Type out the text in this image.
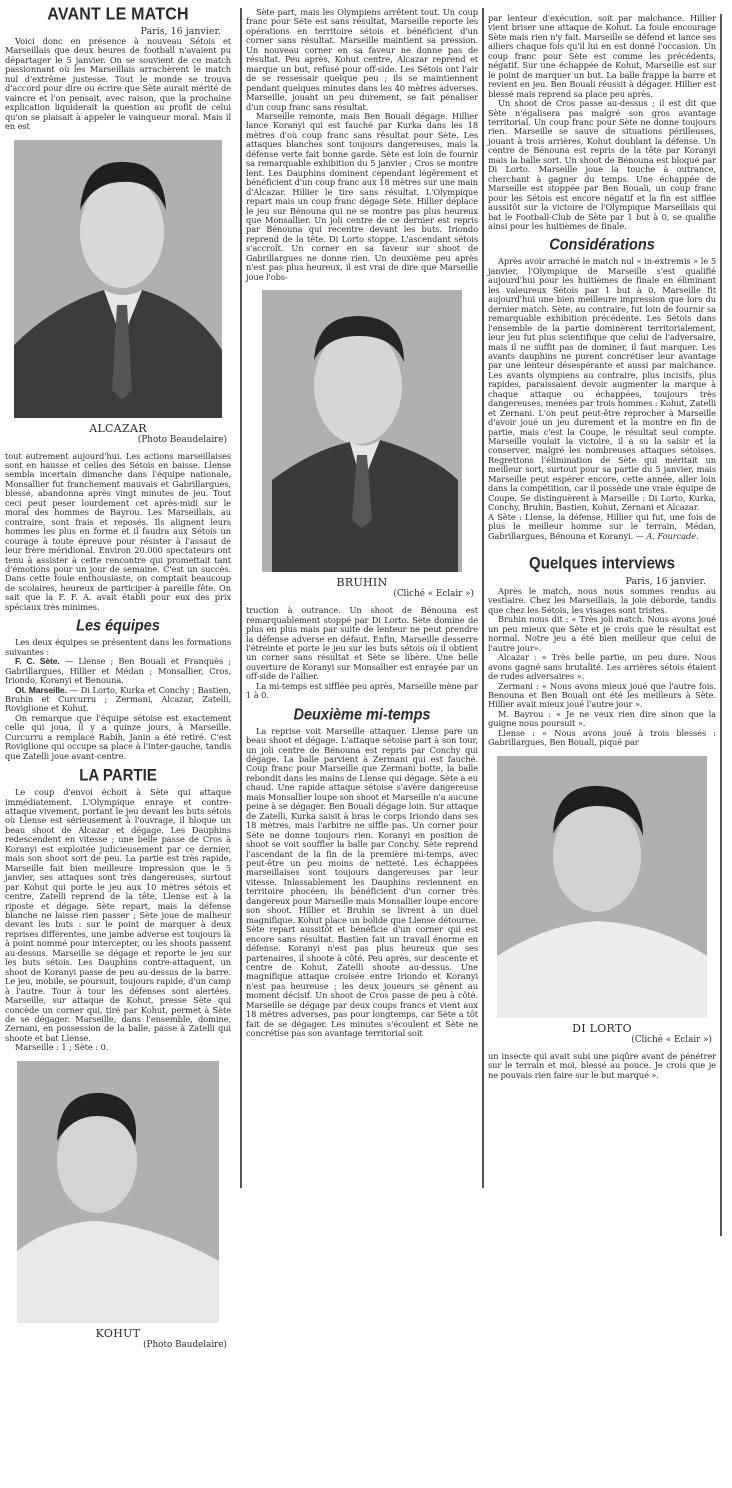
AVANT LE MATCH
Paris, 16 janvier.

Voici donc en présence à nouveau Sétois et Marseillais que deux heures de football n'avaient pu départager le 5 janvier. On se souvient de ce match passionnant où les Marseillais arrachèrent le match nul d'extrême justesse. Tout le monde se trouva d'accord pour dire ou écrire que Sète aurait mérité de vaincre et l'on pensait, avec raison, que la prochaine explication liquiderait la question au profit de celui qu'on se plaisait à appeler le vainqueur moral. Mais il en est

ALCAZAR
(Photo Beaudelaire)

tout autrement aujourd'hui. Les actions marseillaises sont en hausse et celles des Sétois en baisse. Llense sembla incertain dimanche dans l'équipe nationale, Monsallier fut franchement mauvais et Gabrillargues, blessé, abandonna après vingt minutes de jeu. Tout ceci peut peser lourdement cet après-midi sur le moral des hommes de Bayrou. Les Marseillais, au contraire, sont frais et reposés. Ils alignent leurs hommes les plus en forme et il faudra aux Sétois un courage à toute épreuve pour résister à l'assaut de leur frère méridional. Environ 20.000 spectateurs ont tenu à assister à cette rencontre qui promettait tant d'émotions pour un jour de semaine. C'est un succès. Dans cette foule enthousiaste, on comptait beaucoup de scolaires, heureux de participer à pareille fête. On sait que la F. F. A. avait établi pour eux des prix spéciaux très minimes.

Les équipes

Les deux équipes se présentent dans les formations suivantes :

F. C. Sète. — Llense ; Ben Bouali et Franquès ; Gabrillargues, Hillier et Médan ; Monsallier, Cros, Iriondo, Koranyi et Benouna.

Ol. Marseille. — Di Lorto, Kurka et Conchy ; Bastien, Bruhin et Curcurru ; Zermani, Alcazar, Zatelli, Roviglione et Kohut.

On remarque que l'équipe sétoise est exactement celle qui joua, il y a quinze jours, à Marseille. Curcurru a remplacé Rabih, Janin a été retiré. C'est Roviglione qui occupe sa place à l'inter-gauche, tandis que Zatelli joue avant-centre.

LA PARTIE

Le coup d'envoi échoit à Sète qui attaque immédiatement. L'Olympique enraye et contre-attaque vivement, portant le jeu devant les buts sétois où Llense est sérieusement à l'ouvrage, il bloque un beau shoot de Alcazar et dégage. Les Dauphins redescendent en vitesse ; une belle passe de Cros à Koranyi est exploitée judicieusement par ce dernier, mais son shoot sort de peu. La partie est très rapide, Marseille fait bien meilleure impression que le 5 janvier, ses attaques sont très dangereuses, surtout par Kohut qui porte le jeu aux 10 mètres sétois et centre, Zatelli reprend de la tête, Llense est à la riposte et dégage. Sète repart, mais la défense blanche ne laisse rien passer ; Sète joue de malheur devant les buts : sur le point de marquer à deux reprises différentes, une jambe adverse est toujours là à point nommé pour intercepter, ou les shoots passent au-dessus. Marseille se dégage et reporte le jeu sur les buts sétois. Les Dauphins contre-attaquent, un shoot de Koranyi passe de peu au-dessus de la barre. Le jeu, mobile, se poursuit, toujours rapide, d'un camp à l'autre. Tour à tour les défenses sont alertées. Marseille, sur attaque de Kohut, presse Sète qui concède un corner qui, tiré par Kohut, permet à Sète de se dégager. Marseille, dans l'ensemble, domine, Zernani, en possession de la balle, passe à Zatelli qui shoote et bat Llense.

Marseille : 1 ; Sète : 0.

KOHUT
(Photo Baudelaire)

Sète part, mais les Olympiens arrêtent tout. Un coup franc pour Sète est sans résultat, Marseille reporte les opérations en territoire sétois et bénéficient d'un corner sans résultat. Marseille maintient sa pression. Un nouveau corner en sa faveur ne donne pas de résultat. Peu après, Kohut centre, Alcazar reprend et marque un but, refusé pour off-side. Les Sétois ont l'air de se ressessair quelque peu ; ils se maintiennent pendant quelques minutes dans les 40 mètres adverses. Marseille, jouant un peu durement, se fait pénaliser d'un coup franc sans résultat.

Marseille remonte, mais Ben Bouali dégage. Hillier lance Koranyi qui est fauché par Kurka dans les 18 mètres d'où coup franc sans résultat pour Sète. Les attaques blanches sont toujours dangereuses, mais la défense verte fait bonne garde. Sète est loin de fournir sa remarquable exhibition du 5 janvier ; Cros se montre lent. Les Dauphins dominent cependant légèrement et bénéficient d'un coup franc aux 18 mètres sur une main d'Alcazar. Hillier le tire sans résultat. L'Olympique repart mais un coup franc dégage Sète. Hillier déplace le jeu sur Bénouna qui ne se montre pas plus heureux que Monsallier. Un joli centre de ce dernier est repris par Bénouna qui recentre devant les buts. Iriondo reprend de la tête. Di Lorto stoppe. L'ascendant sétois s'accroît. Un corner en sa faveur sur shoot de Gabrillargues ne donne rien. Un deuxième peu après n'est pas plus heureux, il est vrai de dire que Marseille joue l'obs-

BRUHIN
(Cliché « Eclair »)

truction à outrance. Un shoot de Bénouna est remarquablement stoppé par Di Lorto. Sète domine de plus en plus mais par suite de lenteur ne peut prendre la défense adverse en défaut. Enfin, Marseille desserre l'étreinte et porte le jeu sur les buts sétois où il obtient un corner sans résultat et Sète se libère. Une belle ouverture de Koranyi sur Monsallier est enrayée par un off-side de l'allier.

La mi-temps est sifflée peu après, Marseille mène par 1 à 0.

Deuxième mi-temps

La reprise voit Marseille attaquer. Llense pare un beau shoot et dégage. L'attaque sétoise part à son tour, un joli centre de Bénouna est repris par Conchy qui dégage. La balle parvient à Zermani qui est fauché. Coup franc pour Marseille que Zermani botte, la balle rebondit dans les mains de Llense qui dégage. Sète a eu chaud. Une rapide attaque sétoise s'avère dangereuse mais Monsallier loupe son shoot et Marseille n'a aucune peine à se dégager. Ben Bouali dégage loin. Sur attaque de Zatelli, Kurka saisit à bras le corps Iriondo dans ses 18 mètres, mais l'arbitre ne siffle pas. Un corner pour Sète ne donne toujours rien. Koranyi en position de shoot se voit souffler la balle par Conchy. Sète reprend l'ascendant de la fin de la première mi-temps, avec peut-être un peu moins de netteté. Les échappées marseillaises sont toujours dangereuses par leur vitesse. Inlassablement les Dauphins reviennent en territoire phocéen, ils bénéficient d'un corner très dangereux pour Marseille mais Monsallier loupe encore son shoot. Hillier et Bruhin se livrent à un duel magnifique. Kohut place un bolide que Llense détourne. Sète repart aussitôt et bénéficie d'un corner qui est encore sans résultat. Bastien fait un travail énorme en défense. Koranyi n'est pas plus heureux que ses partenaires, il shoote à côté. Peu après, sur descente et centre de Kohut, Zatelli shoote au-dessus. Une magnifique attaque croisée entre Iriondo et Koranyi n'est pas heureuse ; les deux joueurs se gênent au moment décisif. Un shoot de Cros passe de peu à côté. Marseille se dégage par deux coups francs et vient aux 18 mètres adverses, pas pour longtemps, car Sète a tôt fait de se dégager. Les minutes s'écoulent et Sète ne concrétise pas son avantage territorial soit

par lenteur d'exécution, soit par malchance. Hillier vient briser une attaque de Kohut. La foule encourage Sète mais rien n'y fait. Marseille se défend et lance ses ailiers chaque fois qu'il lui en est donné l'occasion. Un coup franc pour Sète est comme les précédents, négatif. Sur une échappée de Kohut, Marseille est sur le point de marquer un but. La balle frappe la barre et revient en jeu. Ben Bouali réussit à dégager. Hillier est blessé mais reprend sa place peu après.

Un shoot de Cros passe au-dessus ; il est dit que Sète n'égalisera pas malgré son gros avantage territorial. Un coup franc pour Sète ne donne toujours rien. Marseille se sauve de situations périlleuses, jouant à trois arrières, Kohut doublant la défense. Un centre de Bénouna est repris de la tête par Koranyi mais la balle sort. Un shoot de Bénouna est bloqué par Di Lorto. Marseille joue la touche à outrance, cherchant à gagner du temps. Une échappée de Marseille est stoppée par Ben Bouali, un coup franc pour les Sétois est encore négatif et la fin est sifflée aussitôt sur la victoire de l'Olympique Marseillais qui bat le Football-Club de Sète par 1 but à 0, se qualifie ainsi pour les huitièmes de finale.

Considérations

Après avoir arraché le match nul « in-extremis » le 5 janvier, l'Olympique de Marseille s'est qualifié aujourd'hui pour les huitièmes de finale en éliminant les valeureux Sétois par 1 but à 0. Marseille fit aujourd'hui une bien meilleure impression que lors du dernier match. Sète, au contraire, fut loin de fournir sa remarquable exhibition précédente. Les Sétois dans l'ensemble de la partie dominèrent territorialement, leur jeu fut plus scientifique que celui de l'adversaire, mais il ne suffit pas de dominer, il faut marquer. Les avants dauphins ne purent concrétiser leur avantage par une lenteur désespérante et aussi par malchance. Les avants olympiens au contraire, plus incisifs, plus rapides, paraissaient devoir augmenter la marque à chaque attaque ou échappées, toujours très dangereuses, menées par trois hommes : Kohut, Zatelli et Zernani. L'on peut peut-être reprocher à Marseille d'avoir joué un jeu durement et la montre en fin de partie, mais c'est la Coupe, le résultat seul compte. Marseille voulait la victoire, il a su la saisir et la conserver, malgré les nombreuses attaques sétoises. Regrettons l'élimination de Sète qui méritait un meilleur sort, surtout pour sa partie du 5 janvier, mais Marseille peut espérer encore, cette année, aller loin dans la compétition, car il possède une vraie équipe de Coupe. Se distinguèrent à Marseille : Di Lorto, Kurka, Conchy, Bruhin, Bastien, Kohut, Zernani et Alcazar.

A Sète : Llense, la défense, Hillier qui fut, une fois de plus le meilleur homme sur le terrain, Médan, Gabrillargues, Bénouna et Koranyi. — A. Fourcade.

Quelques interviews
Paris, 16 janvier.

Après le match, nous nous sommes rendus au vestiaire. Chez les Marseillais, la joie déborde, tandis que chez les Sétois, les visages sont tristes.

Bruhin nous dit : « Très joli match. Nous avons joué un peu mieux que Sète et je crois que le résultat est normal. Notre jeu a été bien meilleur que celui de l'autre jour».

Alcazar : « Très belle partie, un peu dure. Nous avons gagné sans brutalité. Les arrières sétois étaient de rudes adversaires ».

Zermani : « Nous avons mieux joué que l'autre fois. Benouna et Ben Bouali ont été les meilleurs à Sète. Hillier avait mieux joué l'autre jour ».

M. Bayrou : « Je ne veux rien dire sinon que la guigne nous poursuit ».

Llense : « Nous avons joué à trois blessés : Gabrillargues, Ben Bouali, piqué par

DI LORTO
(Cliché « Eclair »)

un insecte qui avait subi une piqûre avant de pénétrer sur le terrain et moi, blessé au pouce. Je crois que je ne pouvais rien faire sur le but marqué ».
